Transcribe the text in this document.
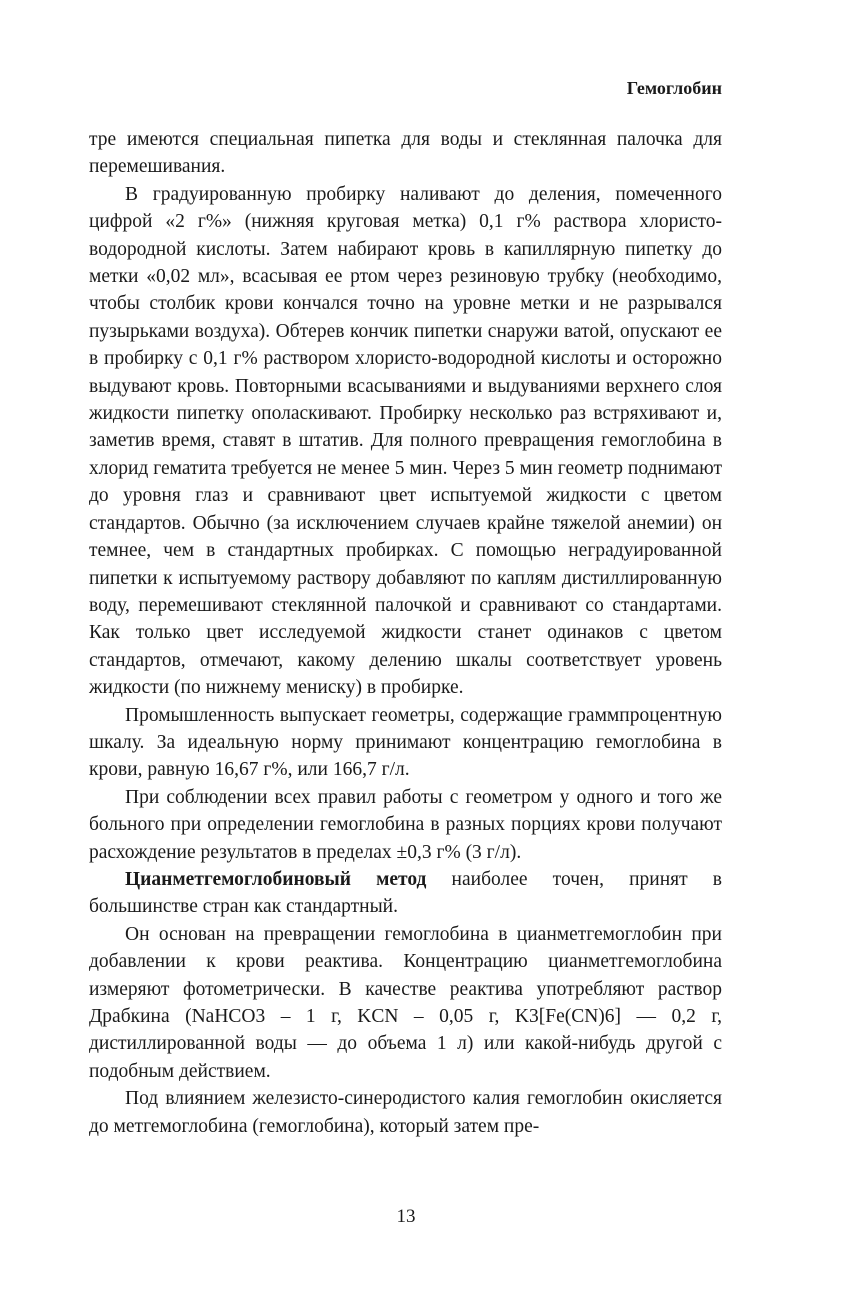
Гемоглобин

тре имеются специальная пипетка для воды и стеклянная палочка для перемешивания.

В градуированную пробирку наливают до деления, помеченного цифрой «2 г%» (нижняя круговая метка) 0,1 г% раствора хлористо-водородной кислоты. Затем набирают кровь в капиллярную пипетку до метки «0,02 мл», всасывая ее ртом через резиновую трубку (необходимо, чтобы столбик крови кончался точно на уровне метки и не разрывался пузырьками воздуха). Обтерев кончик пипетки снаружи ватой, опускают ее в пробирку с 0,1 г% раствором хлористо-водородной кислоты и осторожно выдувают кровь. Повторными всасываниями и выдуваниями верхнего слоя жидкости пипетку ополаскивают. Пробирку несколько раз встряхивают и, заметив время, ставят в штатив. Для полного превращения гемоглобина в хлорид гематита требуется не менее 5 мин. Через 5 мин геометр поднимают до уровня глаз и сравнивают цвет испытуемой жидкости с цветом стандартов. Обычно (за исключением случаев крайне тяжелой анемии) он темнее, чем в стандартных пробирках. С помощью неградуированной пипетки к испытуемому раствору добавляют по каплям дистиллированную воду, перемешивают стеклянной палочкой и сравнивают со стандартами. Как только цвет исследуемой жидкости станет одинаков с цветом стандартов, отмечают, какому делению шкалы соответствует уровень жидкости (по нижнему мениску) в пробирке.

Промышленность выпускает геометры, содержащие граммпроцентную шкалу. За идеальную норму принимают концентрацию гемоглобина в крови, равную 16,67 г%, или 166,7 г/л.

При соблюдении всех правил работы с геометром у одного и того же больного при определении гемоглобина в разных порциях крови получают расхождение результатов в пределах ±0,3 г% (3 г/л).

Цианметгемоглобиновый метод наиболее точен, принят в большинстве стран как стандартный.

Он основан на превращении гемоглобина в цианметгемоглобин при добавлении к крови реактива. Концентрацию цианметгемоглобина измеряют фотометрически. В качестве реактива употребляют раствор Драбкина (NaHCO3 – 1 г, KCN – 0,05 г, K3[Fe(CN)6] — 0,2 г, дистиллированной воды — до объема 1 л) или какой-нибудь другой с подобным действием.

Под влиянием железисто-синеродистого калия гемоглобин окисляется до метгемоглобина (гемоглобина), который затем пре-

13
